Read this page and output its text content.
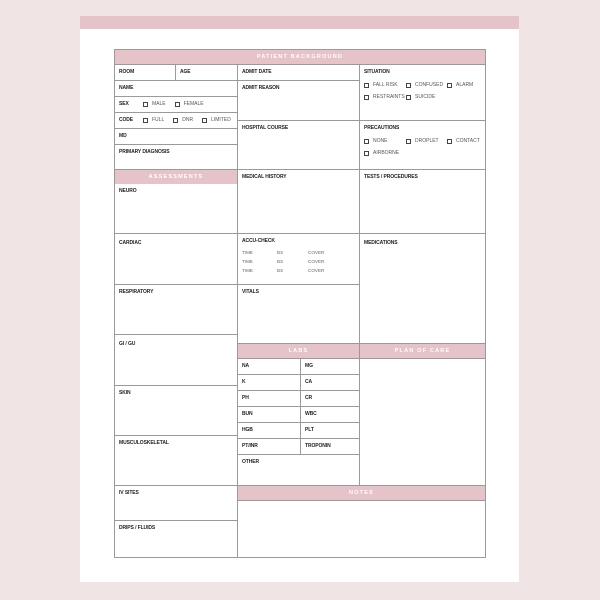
PATIENT BACKGROUND
ROOM	AGE
NAME
SEX	MALE	FEMALE
CODE	FULL	DNR	LIMITED
MD
PRIMARY DIAGNOSIS
ASSESSMENTS
NEURO
CARDIAC
RESPIRATORY
GI / GU
SKIN
MUSCULOSKELETAL
IV SITES
DRIPS / FLUIDS
ADMIT DATE
ADMIT REASON
HOSPITAL COURSE
MEDICAL HISTORY
ACCU-CHECK
TIME	BS	COVER
TIME	BS	COVER
TIME	BS	COVER
VITALS
LABS
NA	MG
K	CA
PH	CR
BUN	WBC
HGB	PLT
PT/INR	TROPONIN
OTHER
SITUATION
FALL RISK	CONFUSED	ALARM
RESTRAINTS SUICIDE
PRECAUTIONS
NONE	DROPLET	CONTACT
AIRBORNE
TESTS / PROCEDURES
MEDICATIONS
PLAN OF CARE
NOTES
